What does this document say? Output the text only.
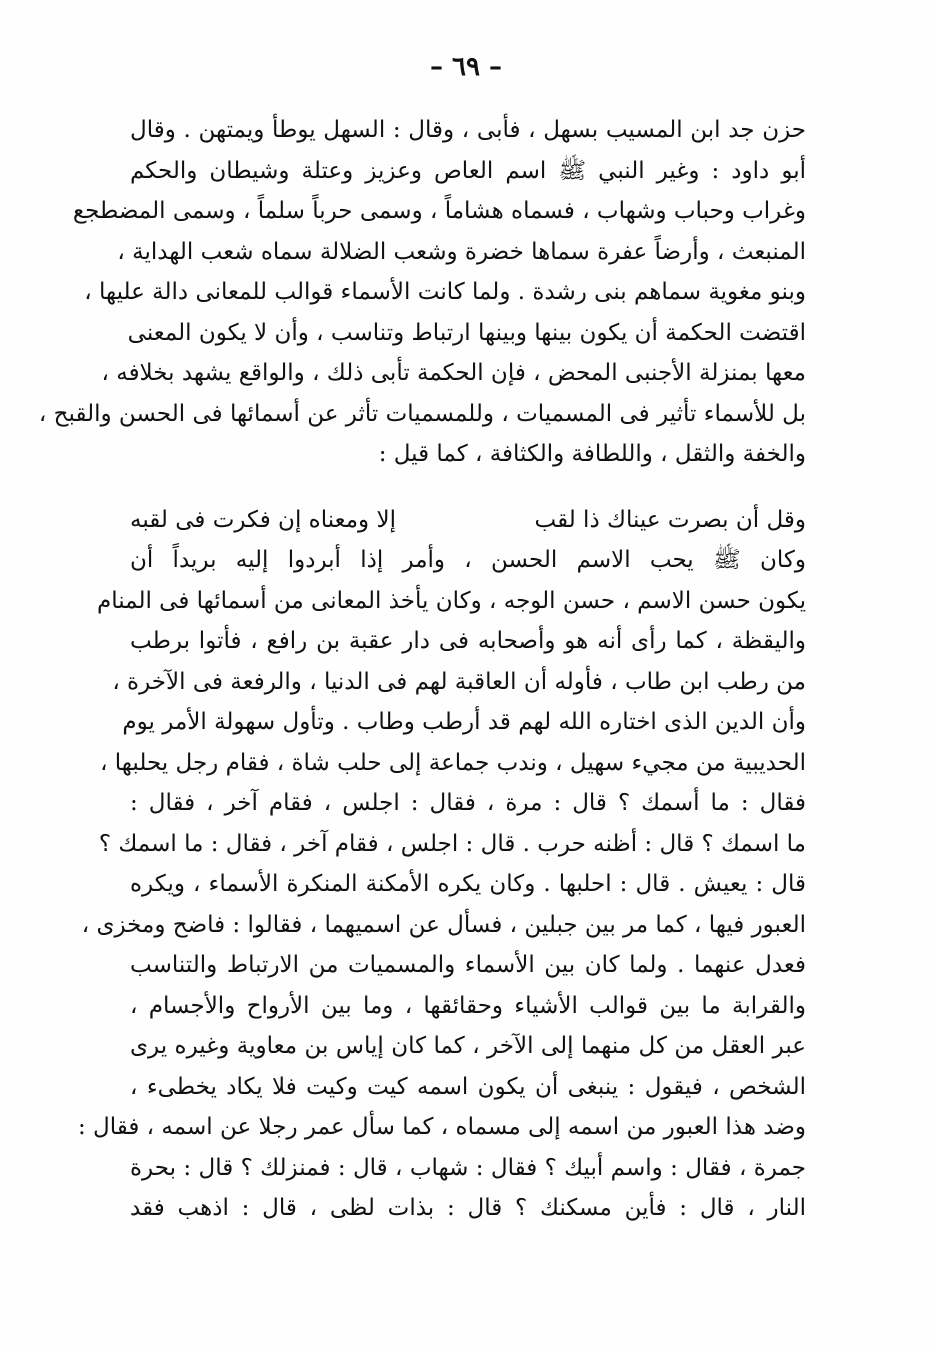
– ٦٩ –
حزن جد ابن المسيب بسهل ، فأبى ، وقال : السهل يوطأ ويمتهن . وقال
أبو داود : وغير النبي ﷺ اسم العاص وعزيز وعتلة وشيطان والحكم
وغراب وحباب وشهاب ، فسماه هشاماً ، وسمى حرباً سلماً ، وسمى المضطجع
المنبعث ، وأرضاً عفرة سماها خضرة وشعب الضلالة سماه شعب الهداية ،
وبنو مغوية سماهم بنى رشدة . ولما كانت الأسماء قوالب للمعانى دالة عليها ،
اقتضت الحكمة أن يكون بينها وبينها ارتباط وتناسب ، وأن لا يكون المعنى
معها بمنزلة الأجنبى المحض ، فإن الحكمة تأبى ذلك ، والواقع يشهد بخلافه ،
بل للأسماء تأثير فى المسميات ، وللمسميات تأثر عن أسمائها فى الحسن والقبح ،
والخفة والثقل ، واللطافة والكثافة ، كما قيل :
وقل أن بصرت عيناك ذا لقب
إلا ومعناه إن فكرت فى لقبه
وكان ﷺ يحب الاسم الحسن ، وأمر إذا أبردوا إليه بريداً أن
يكون حسن الاسم ، حسن الوجه ، وكان يأخذ المعانى من أسمائها فى المنام
واليقظة ، كما رأى أنه هو وأصحابه فى دار عقبة بن رافع ، فأتوا برطب
من رطب ابن طاب ، فأوله أن العاقبة لهم فى الدنيا ، والرفعة فى الآخرة ،
وأن الدين الذى اختاره الله لهم قد أرطب وطاب . وتأول سهولة الأمر يوم
الحديبية من مجيء سهيل ، وندب جماعة إلى حلب شاة ، فقام رجل يحلبها ،
فقال : ما أسمك ؟ قال : مرة ، فقال : اجلس ، فقام آخر ، فقال :
ما اسمك ؟ قال : أظنه حرب . قال : اجلس ، فقام آخر ، فقال : ما اسمك ؟
قال : يعيش . قال : احلبها . وكان يكره الأمكنة المنكرة الأسماء ، ويكره
العبور فيها ، كما مر بين جبلين ، فسأل عن اسميهما ، فقالوا : فاضح ومخزى ،
فعدل عنهما . ولما كان بين الأسماء والمسميات من الارتباط والتناسب
والقرابة ما بين قوالب الأشياء وحقائقها ، وما بين الأرواح والأجسام ،
عبر العقل من كل منهما إلى الآخر ، كما كان إياس بن معاوية وغيره يرى
الشخص ، فيقول : ينبغى أن يكون اسمه كيت وكيت فلا يكاد يخطىء ،
وضد هذا العبور من اسمه إلى مسماه ، كما سأل عمر رجلا عن اسمه ، فقال :
جمرة ، فقال : واسم أبيك ؟ فقال : شهاب ، قال : فمنزلك ؟ قال : بحرة
النار ، قال : فأين مسكنك ؟ قال : بذات لظى ، قال : اذهب فقد
